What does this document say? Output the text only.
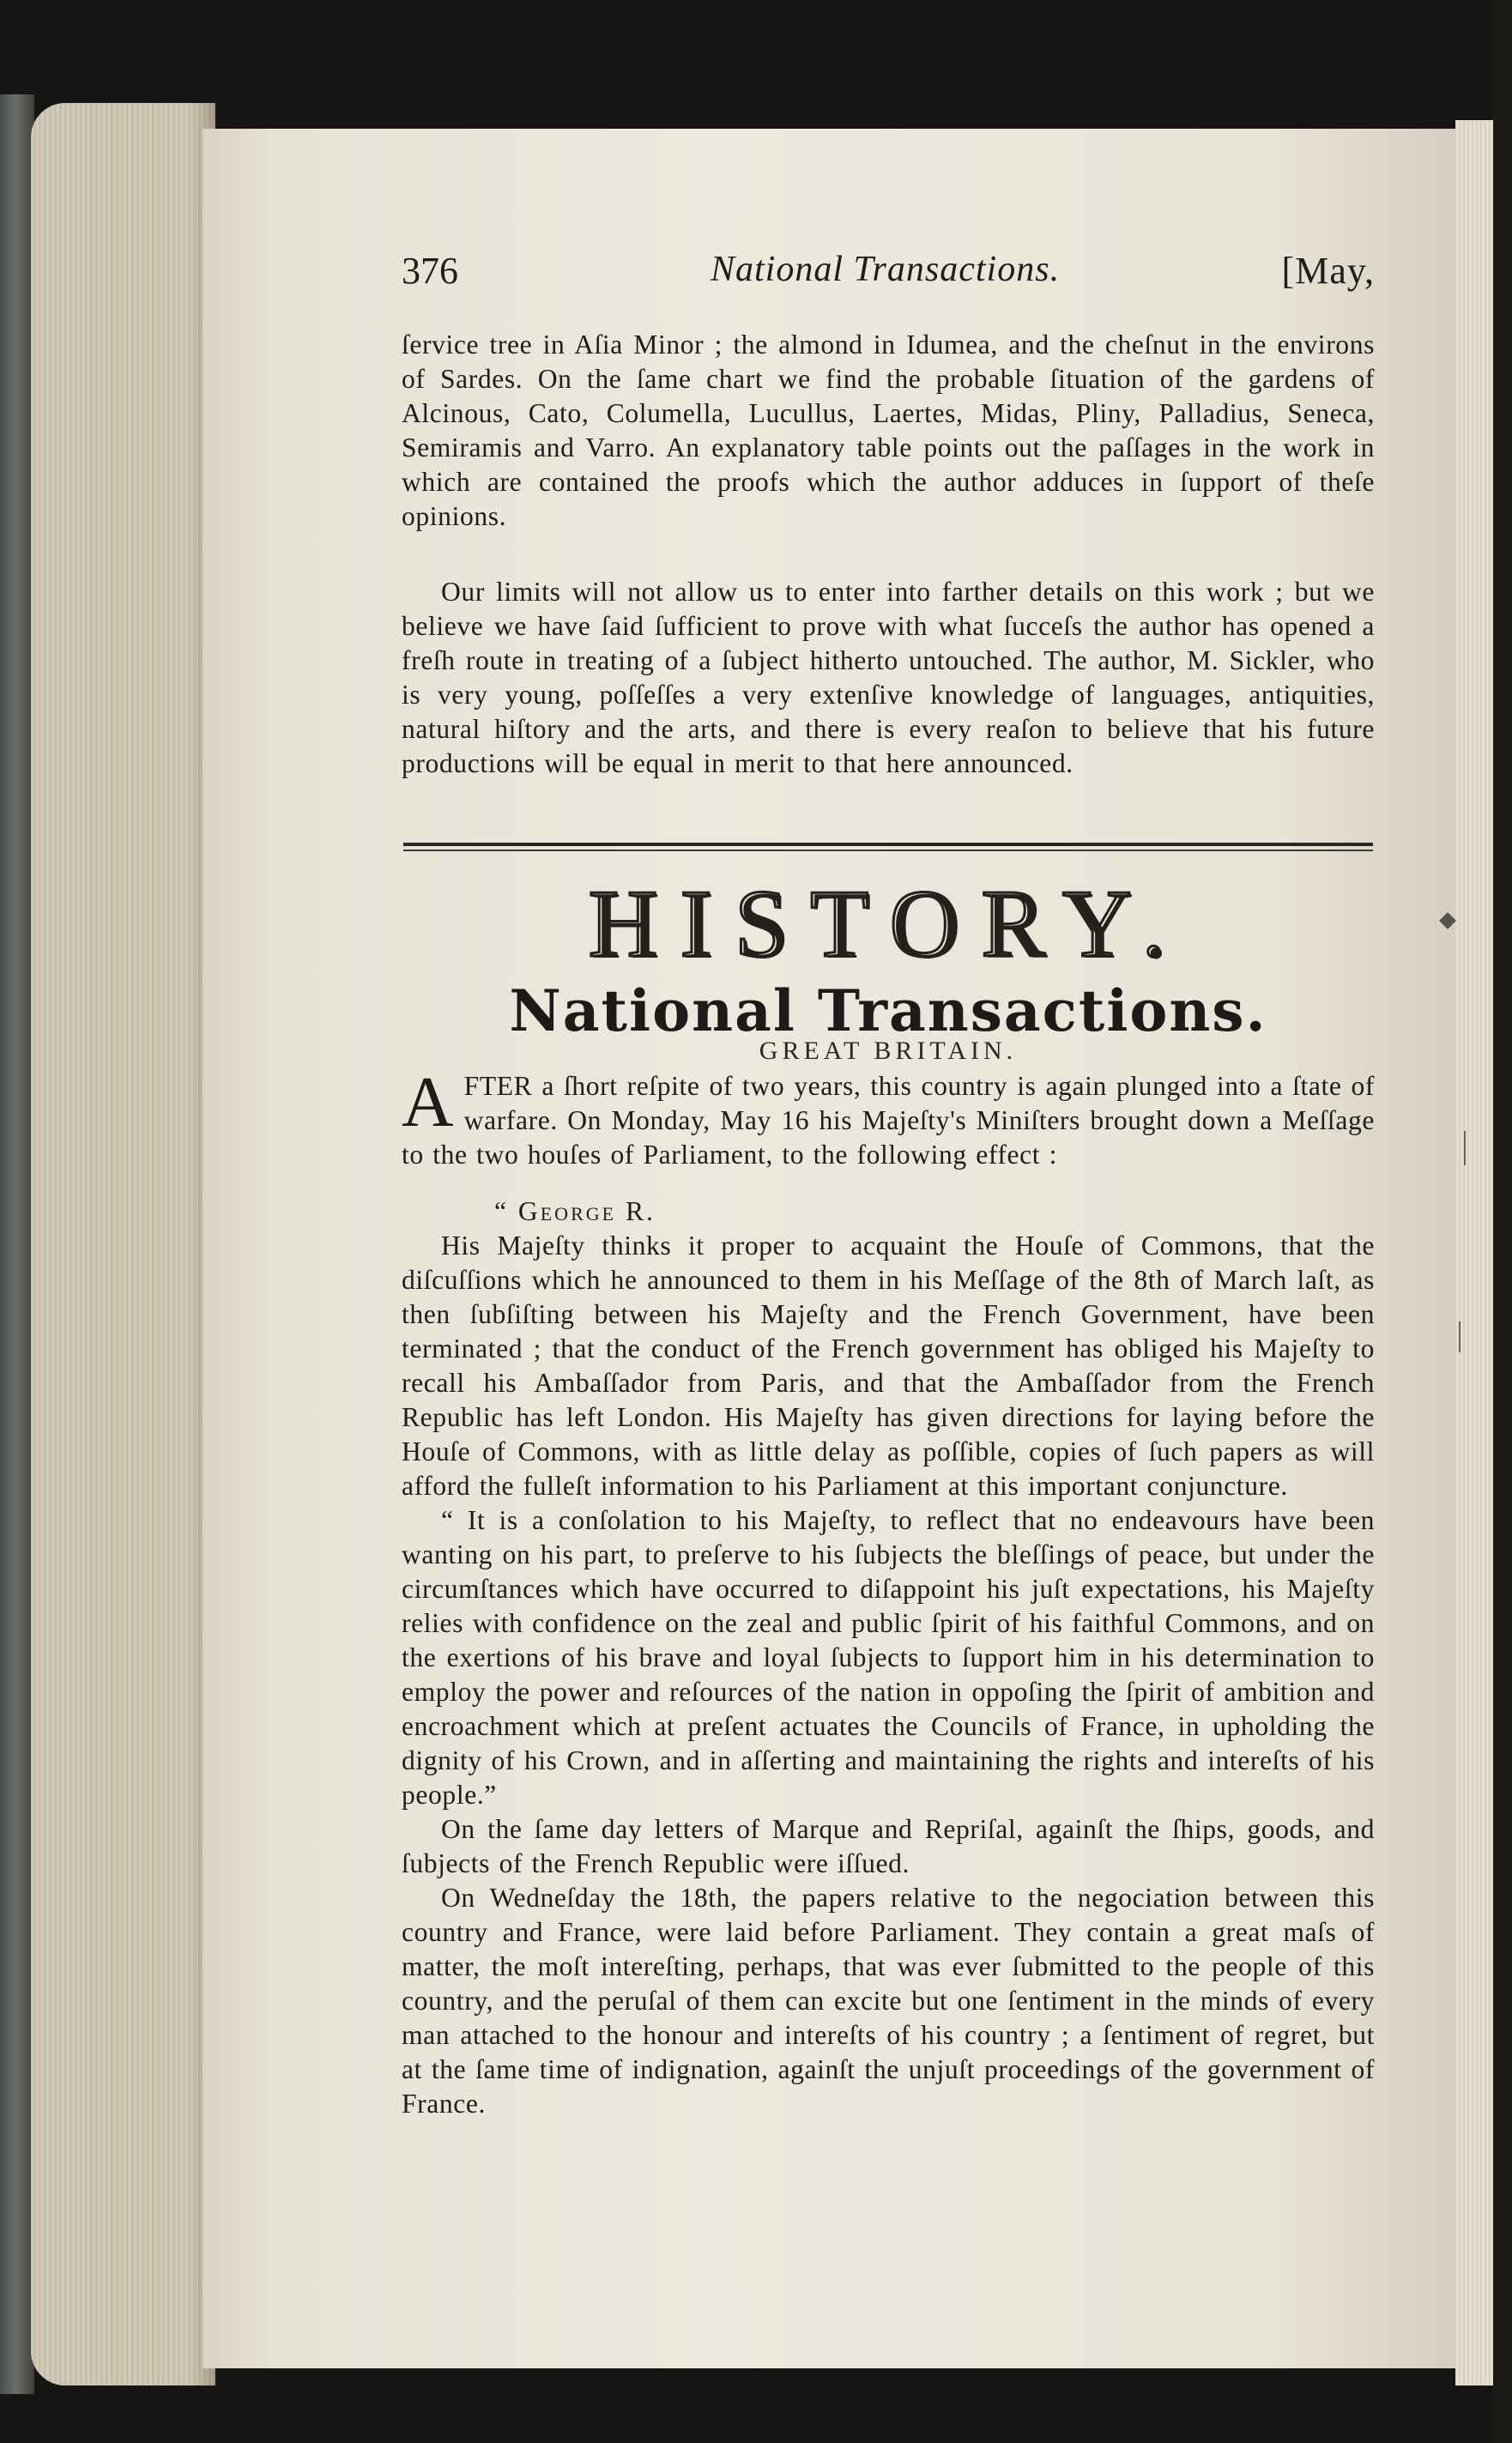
376	National Transactions.	[May,

ſervice tree in Aſia Minor ; the almond in Idumea, and the cheſnut in the environs of Sardes. On the ſame chart we find the probable ſituation of the gardens of Alcinous, Cato, Columella, Lucullus, Laertes, Midas, Pliny, Palladius, Seneca, Semiramis and Varro. An explanatory table points out the paſſages in the work in which are contained the proofs which the author adduces in ſupport of theſe opinions.

Our limits will not allow us to enter into farther details on this work ; but we believe we have ſaid ſufficient to prove with what ſucceſs the author has opened a freſh route in treating of a ſubject hitherto untouched. The author, M. Sickler, who is very young, poſſeſſes a very extenſive knowledge of languages, antiquities, natural hiſtory and the arts, and there is every reaſon to believe that his future productions will be equal in merit to that here announced.

HISTORY.
National Transactions.
GREAT BRITAIN.

AFTER a ſhort reſpite of two years, this country is again plunged into a ſtate of warfare. On Monday, May 16 his Majeſty's Miniſters brought down a Meſſage to the two houſes of Parliament, to the following effect :

“ George R.

His Majeſty thinks it proper to acquaint the Houſe of Commons, that the diſcuſſions which he announced to them in his Meſſage of the 8th of March laſt, as then ſubſiſting between his Majeſty and the French Government, have been terminated ; that the conduct of the French government has obliged his Majeſty to recall his Ambaſſador from Paris, and that the Ambaſſador from the French Republic has left London. His Majeſty has given directions for laying before the Houſe of Commons, with as little delay as poſſible, copies of ſuch papers as will afford the fulleſt information to his Parliament at this important conjuncture.

“ It is a conſolation to his Majeſty, to reflect that no endeavours have been wanting on his part, to preſerve to his ſubjects the bleſſings of peace, but under the circumſtances which have occurred to diſappoint his juſt expectations, his Majeſty relies with confidence on the zeal and public ſpirit of his faithful Commons, and on the exertions of his brave and loyal ſubjects to ſupport him in his determination to employ the power and reſources of the nation in oppoſing the ſpirit of ambition and encroachment which at preſent actuates the Councils of France, in upholding the dignity of his Crown, and in aſſerting and maintaining the rights and intereſts of his people.”

On the ſame day letters of Marque and Repriſal, againſt the ſhips, goods, and ſubjects of the French Republic were iſſued.

On Wedneſday the 18th, the papers relative to the negociation between this country and France, were laid before Parliament. They contain a great maſs of matter, the moſt intereſting, perhaps, that was ever ſubmitted to the people of this country, and the peruſal of them can excite but one ſentiment in the minds of every man attached to the honour and intereſts of his country ; a ſentiment of regret, but at the ſame time of indignation, againſt the unjuſt proceedings of the government of France.
